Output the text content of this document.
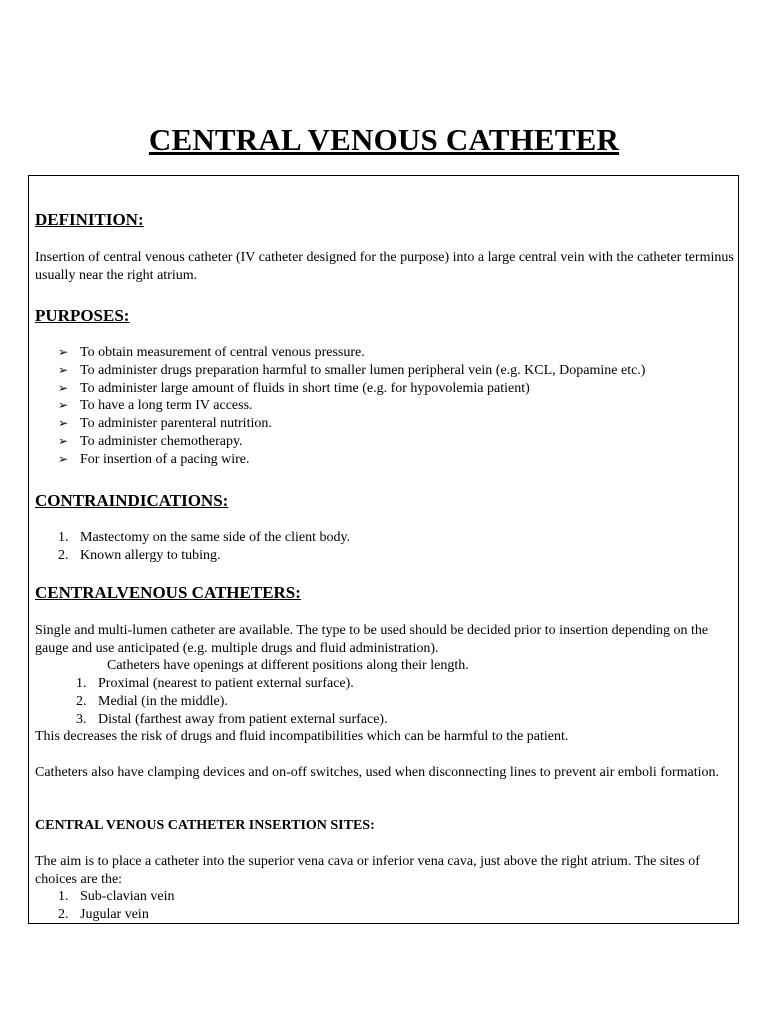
CENTRAL VENOUS CATHETER
DEFINITION:
Insertion of central venous catheter (IV catheter designed for the purpose) into a large central vein with the catheter terminus usually near the right atrium.
PURPOSES:
➢ To obtain measurement of central venous pressure.
➢ To administer drugs preparation harmful to smaller lumen peripheral vein (e.g. KCL, Dopamine etc.)
➢ To administer large amount of fluids in short time (e.g. for hypovolemia patient)
➢ To have a long term IV access.
➢ To administer parenteral nutrition.
➢ To administer chemotherapy.
➢ For insertion of a pacing wire.
CONTRAINDICATIONS:
1. Mastectomy on the same side of the client body.
2. Known allergy to tubing.
CENTRALVENOUS CATHETERS:
Single and multi-lumen catheter are available. The type to be used should be decided prior to insertion depending on the gauge and use anticipated (e.g. multiple drugs and fluid administration).
Catheters have openings at different positions along their length.
1. Proximal (nearest to patient external surface).
2. Medial (in the middle).
3. Distal (farthest away from patient external surface).
This decreases the risk of drugs and fluid incompatibilities which can be harmful to the patient.
Catheters also have clamping devices and on-off switches, used when disconnecting lines to prevent air emboli formation.
CENTRAL VENOUS CATHETER INSERTION SITES:
The aim is to place a catheter into the superior vena cava or inferior vena cava, just above the right atrium. The sites of choices are the:
1. Sub-clavian vein
2. Jugular vein
